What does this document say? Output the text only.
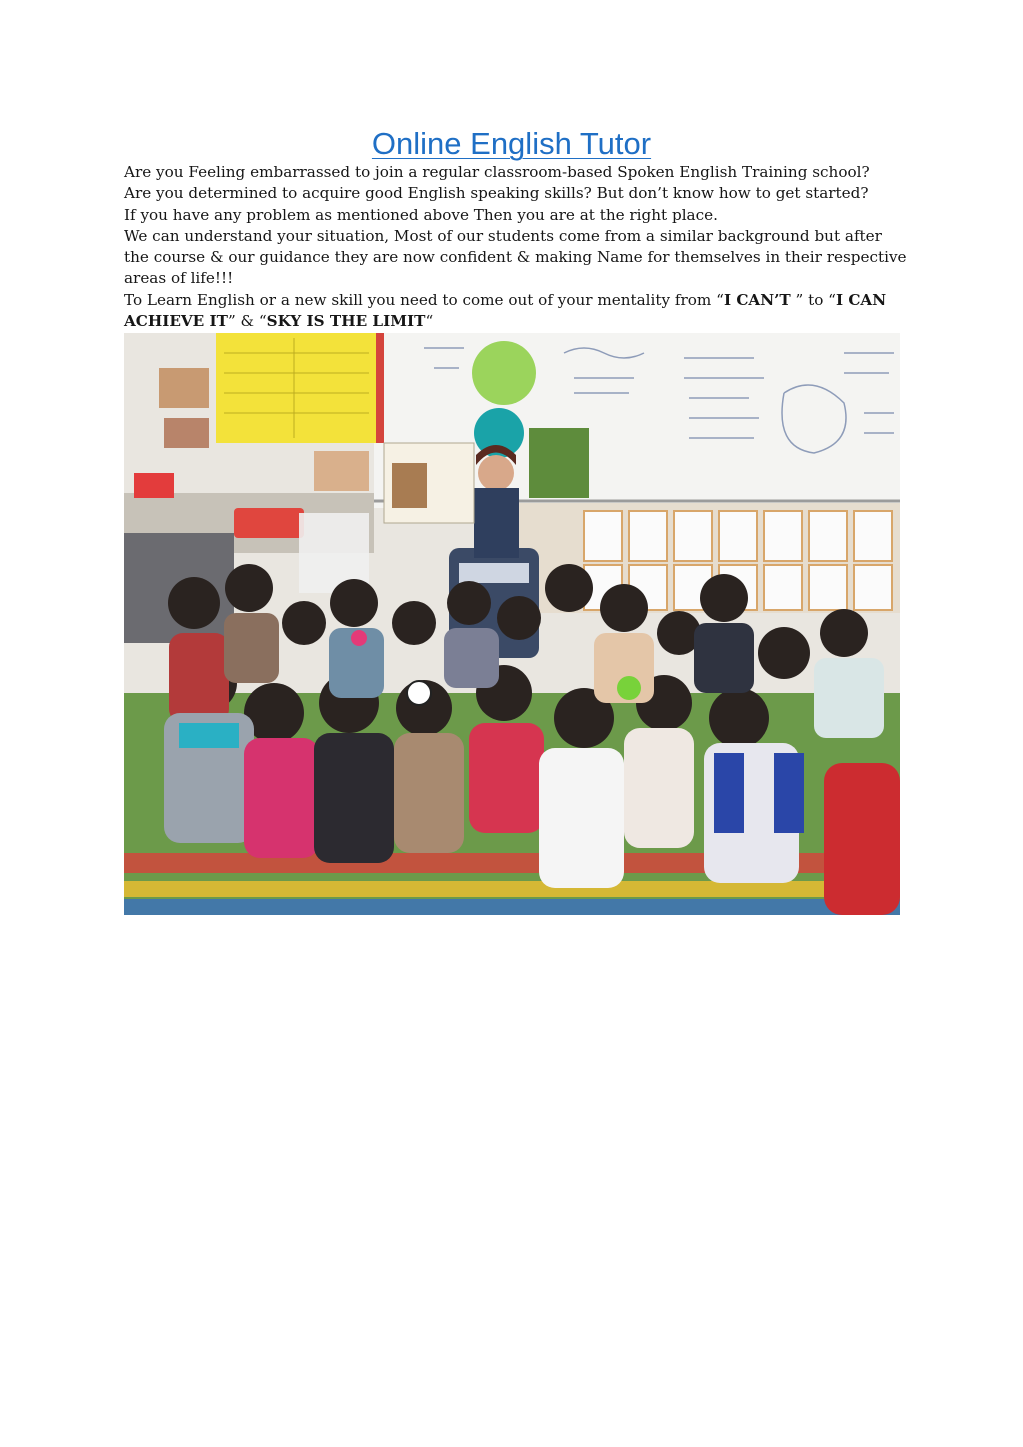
Online English Tutor
Are you Feeling embarrassed to join a regular classroom-based Spoken English Training school?
Are you determined to acquire good English speaking skills? But don’t know how to get started?
If you have any problem as mentioned above Then you are at the right place.
We can understand your situation, Most of our students come from a similar background but after
the course & our guidance they are now confident & making Name for themselves in their respective
areas of life!!!
To Learn English or a new skill you need to come out of your mentality from “I CAN’T ” to “I CAN
ACHIEVE IT” & “SKY IS THE LIMIT“
